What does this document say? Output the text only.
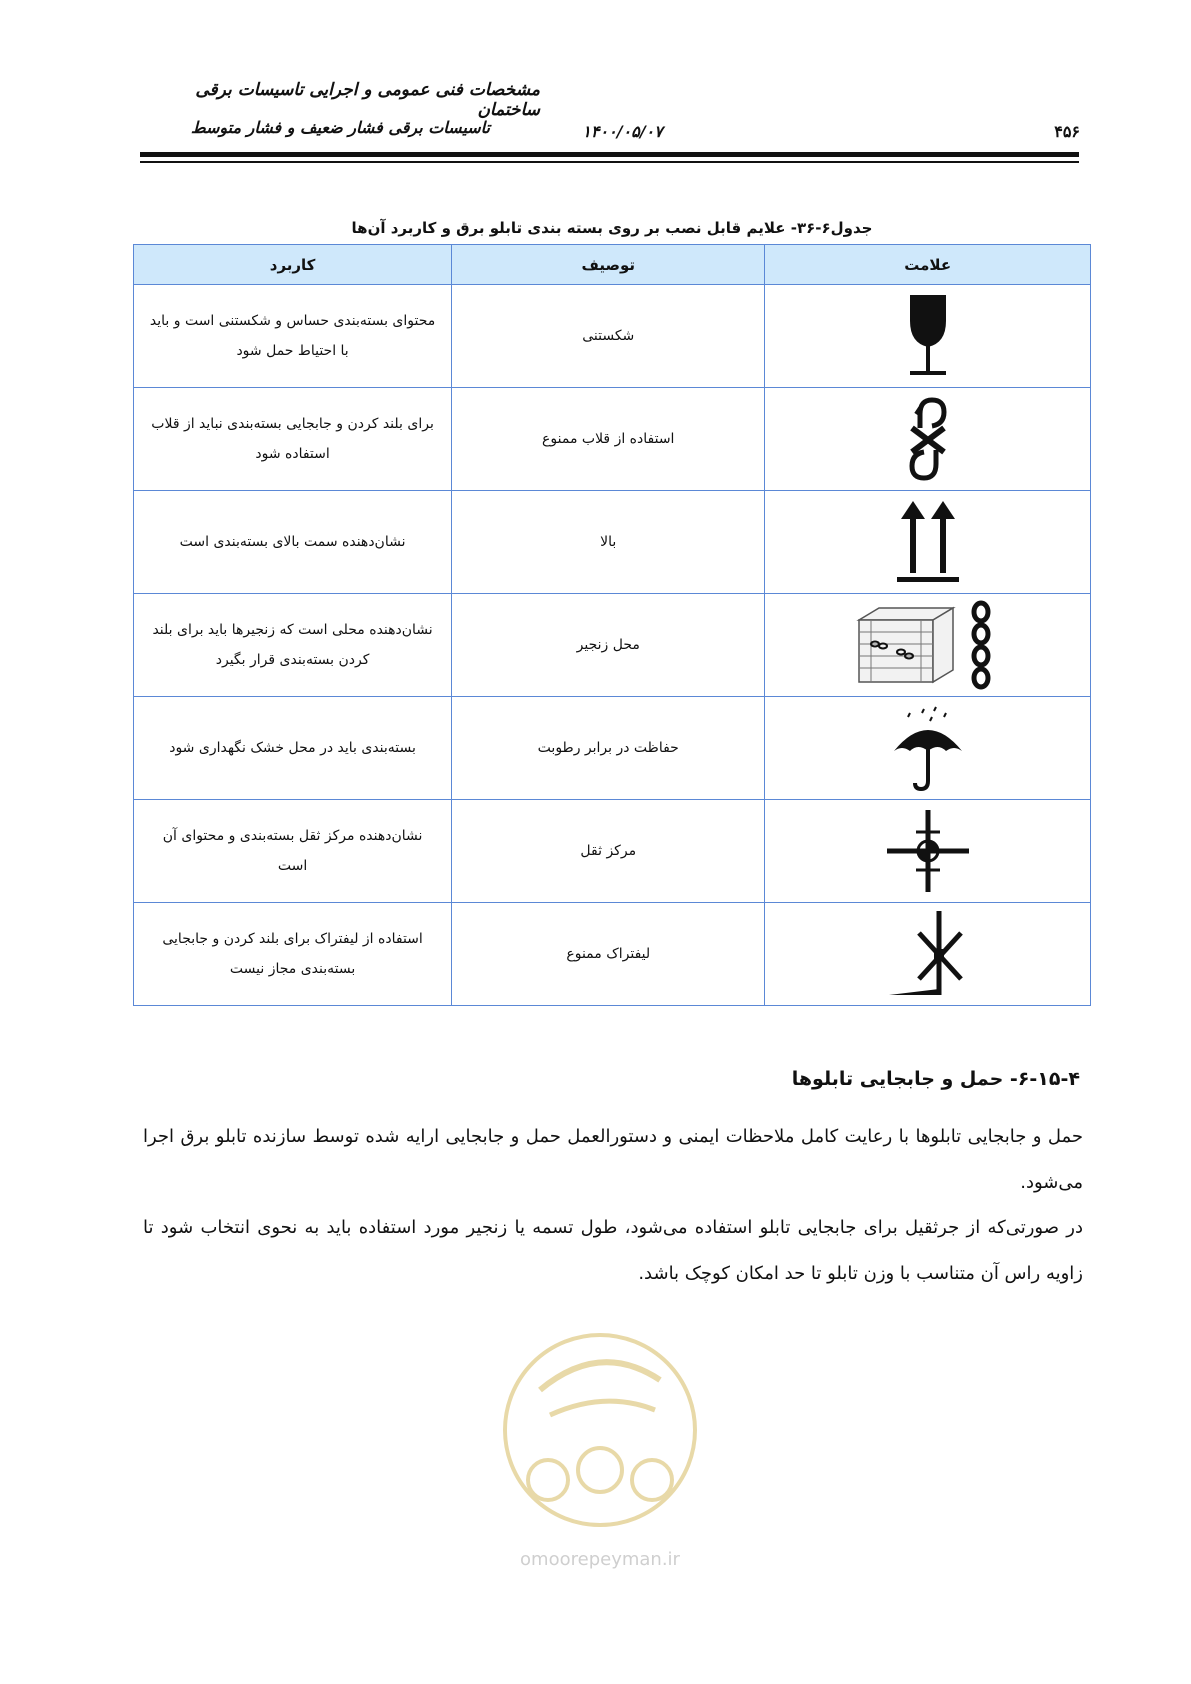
مشخصات فنی عمومی و اجرایی تاسیسات برقی ساختمان
تاسیسات برقی فشار ضعیف و فشار متوسط	۱۴۰۰/۰۵/۰۷	۴۵۶
جدول۶-۳۶- علایم قابل نصب بر روی بسته بندی تابلو برق و کاربرد آن‌ها
علامت	توصیف	کاربرد

	شکستنی	محتوای بسته‌بندی حساس و شکستنی است و باید با احتیاط حمل شود

	استفاده از قلاب ممنوع	برای بلند کردن و جابجایی بسته‌بندی نباید از قلاب استفاده شود

	بالا	نشان‌دهنده سمت بالای بسته‌بندی است

	محل زنجیر	نشان‌دهنده محلی است که زنجیرها باید برای بلند کردن بسته‌بندی قرار بگیرد

	حفاظت در برابر رطوبت	بسته‌بندی باید در محل خشک نگهداری شود

	مرکز ثقل	نشان‌دهنده مرکز ثقل بسته‌بندی و محتوای آن است

	لیفتراک ممنوع	استفاده از لیفتراک برای بلند کردن و جابجایی بسته‌بندی مجاز نیست
۶-۱۵-۴- حمل و جابجایی تابلوها
حمل و جابجایی تابلوها با رعایت کامل ملاحظات ایمنی و دستورالعمل حمل و جابجایی ارایه شده توسط سازنده تابلو برق اجرا می‌شود.
در صورتی‌که از جرثقیل برای جابجایی تابلو استفاده می‌شود، طول تسمه یا زنجیر مورد استفاده باید به نحوی انتخاب شود تا زاویه راس آن متناسب با وزن تابلو تا حد امکان کوچک باشد.
omoorepeyman.ir
